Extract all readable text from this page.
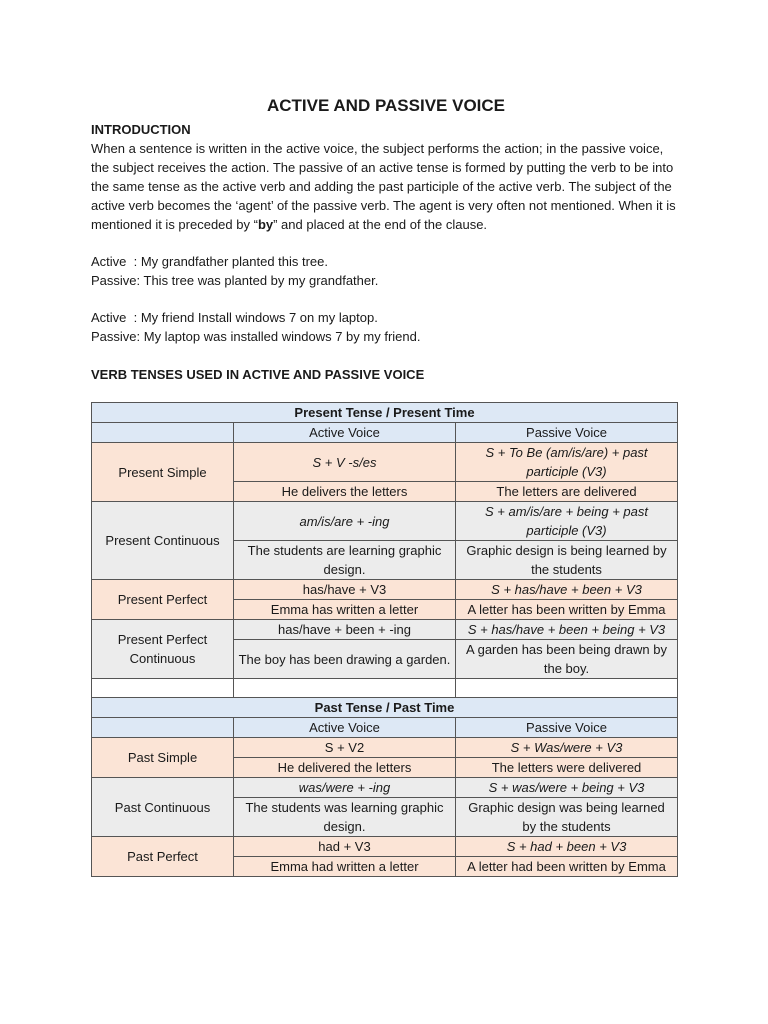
ACTIVE AND PASSIVE VOICE

INTRODUCTION

When a sentence is written in the active voice, the subject performs the action; in the passive voice, the subject receives the action. The passive of an active tense is formed by putting the verb to be into the same tense as the active verb and adding the past participle of the active verb. The subject of the active verb becomes the ‘agent’ of the passive verb. The agent is very often not mentioned. When it is mentioned it is preceded by “by” and placed at the end of the clause.

Active  : My grandfather planted this tree.

Passive: This tree was planted by my grandfather.

Active  : My friend Install windows 7 on my laptop.

Passive: My laptop was installed windows 7 by my friend.

VERB TENSES USED IN ACTIVE AND PASSIVE VOICE

Present Tense / Present Time		
	Active Voice	Passive Voice
Present Simple	S + V -s/es	S + To Be (am/is/are) + past participle (V3)
	He delivers the letters	The letters are delivered
Present Continuous	am/is/are + -ing	S + am/is/are + being + past participle (V3)
	The students are learning graphic design.	Graphic design is being learned by the students
Present Perfect	has/have + V3	S + has/have + been + V3
	Emma has written a letter	A letter has been written by Emma
Present Perfect Continuous	has/have + been + -ing	S + has/have + been + being + V3
	The boy has been drawing a garden.	A garden has been being drawn by the boy.

Past Tense / Past Time		
	Active Voice	Passive Voice
Past Simple	S + V2	S + Was/were + V3
	He delivered the letters	The letters were delivered
Past Continuous	was/were + -ing	S + was/were + being + V3
	The students was learning graphic design.	Graphic design was being learned by the students
Past Perfect	had + V3	S + had + been + V3
	Emma had written a letter	A letter had been written by Emma
